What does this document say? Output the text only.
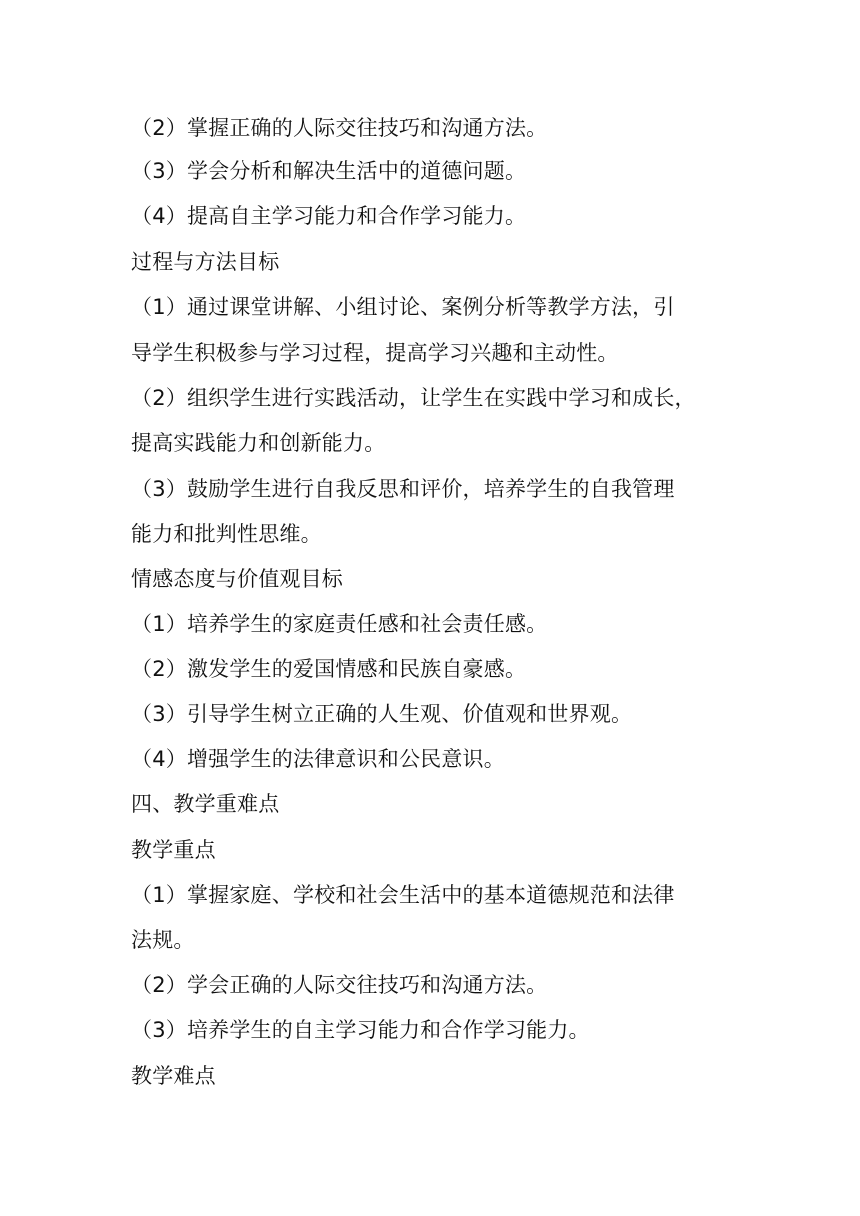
（2）掌握正确的人际交往技巧和沟通方法。
（3）学会分析和解决生活中的道德问题。
（4）提高自主学习能力和合作学习能力。
过程与方法目标
（1）通过课堂讲解、小组讨论、案例分析等教学方法，引
导学生积极参与学习过程，提高学习兴趣和主动性。
（2）组织学生进行实践活动，让学生在实践中学习和成长，
提高实践能力和创新能力。
（3）鼓励学生进行自我反思和评价，培养学生的自我管理
能力和批判性思维。
情感态度与价值观目标
（1）培养学生的家庭责任感和社会责任感。
（2）激发学生的爱国情感和民族自豪感。
（3）引导学生树立正确的人生观、价值观和世界观。
（4）增强学生的法律意识和公民意识。
四、教学重难点
教学重点
（1）掌握家庭、学校和社会生活中的基本道德规范和法律
法规。
（2）学会正确的人际交往技巧和沟通方法。
（3）培养学生的自主学习能力和合作学习能力。
教学难点
